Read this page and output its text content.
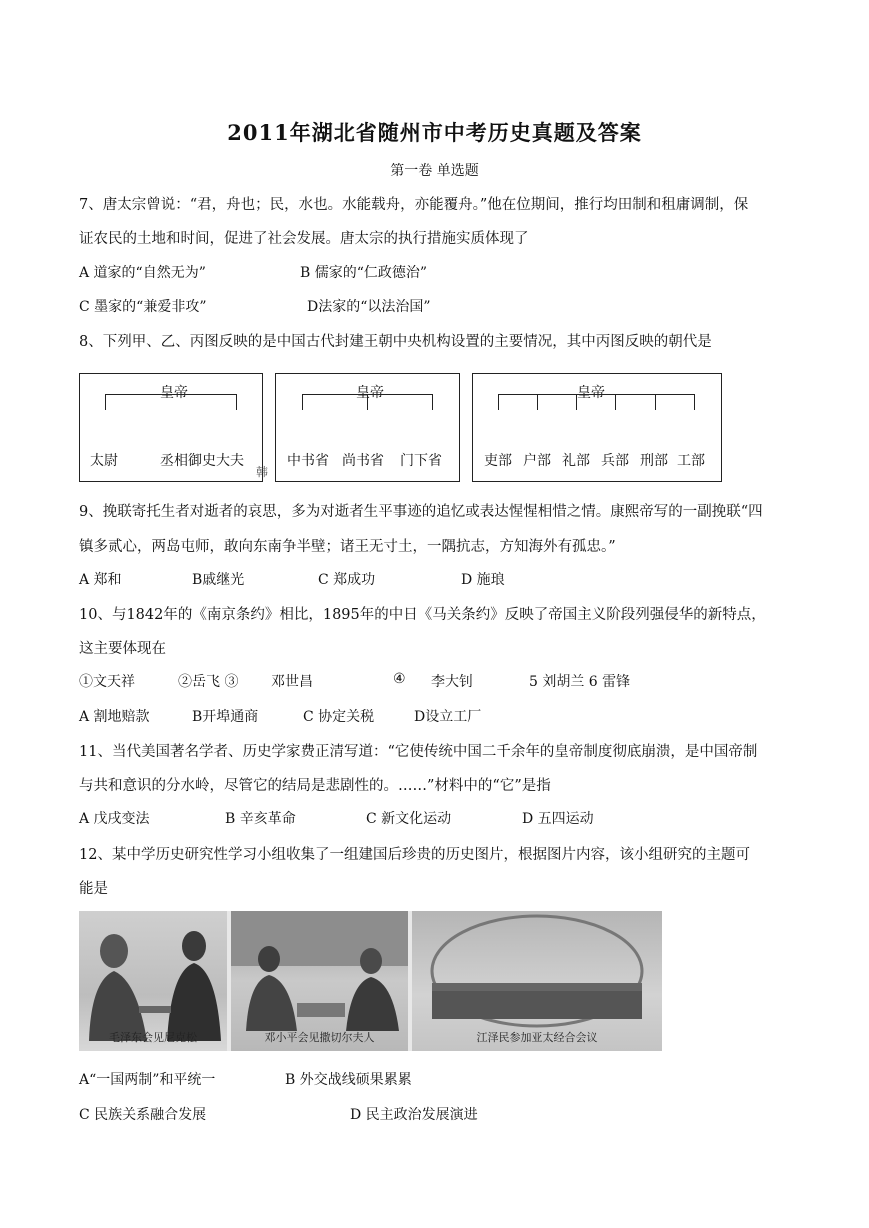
2011年湖北省随州市中考历史真题及答案
第一卷 单选题
7、唐太宗曾说：“君，舟也；民，水也。水能载舟，亦能覆舟。”他在位期间，推行均田制和租庸调制，保
证农民的土地和时间，促进了社会发展。唐太宗的执行措施实质体现了
A 道家的“自然无为”	B 儒家的“仁政德治”
C 墨家的“兼爱非攻”	D法家的“以法治国”
8、下列甲、乙、丙图反映的是中国古代封建王朝中央机构设置的主要情况，其中丙图反映的朝代是
皇帝
太尉	丞相御史大夫
韩
皇帝
中书省 尚书省 门下省
皇帝
吏部 户部 礼部 兵部 刑部 工部
9、挽联寄托生者对逝者的哀思，多为对逝者生平事迹的追忆或表达惺惺相惜之情。康熙帝写的一副挽联“四
镇多贰心，两岛屯师，敢向东南争半壁；诸王无寸土，一隅抗志，方知海外有孤忠。”
A 郑和	B戚继光	C 郑成功	D 施琅
10、与1842年的《南京条约》相比，1895年的中日《马关条约》反映了帝国主义阶段列强侵华的新特点，
这主要体现在
①文天祥	②岳飞 ③ 邓世昌	④ 李大钊	5 刘胡兰 6 雷锋
A 割地赔款	B开埠通商	C 协定关税	D设立工厂
11、当代美国著名学者、历史学家费正清写道：“它使传统中国二千余年的皇帝制度彻底崩溃，是中国帝制
与共和意识的分水岭，尽管它的结局是悲剧性的。……”材料中的“它”是指
A 戊戌变法	B 辛亥革命	C 新文化运动	D 五四运动
12、某中学历史研究性学习小组收集了一组建国后珍贵的历史图片，根据图片内容，该小组研究的主题可
能是
毛泽东会见尼克松	邓小平会见撒切尔夫人	江泽民参加亚太经合会议
A“一国两制”和平统一	B 外交战线硕果累累
C 民族关系融合发展	D 民主政治发展演进
